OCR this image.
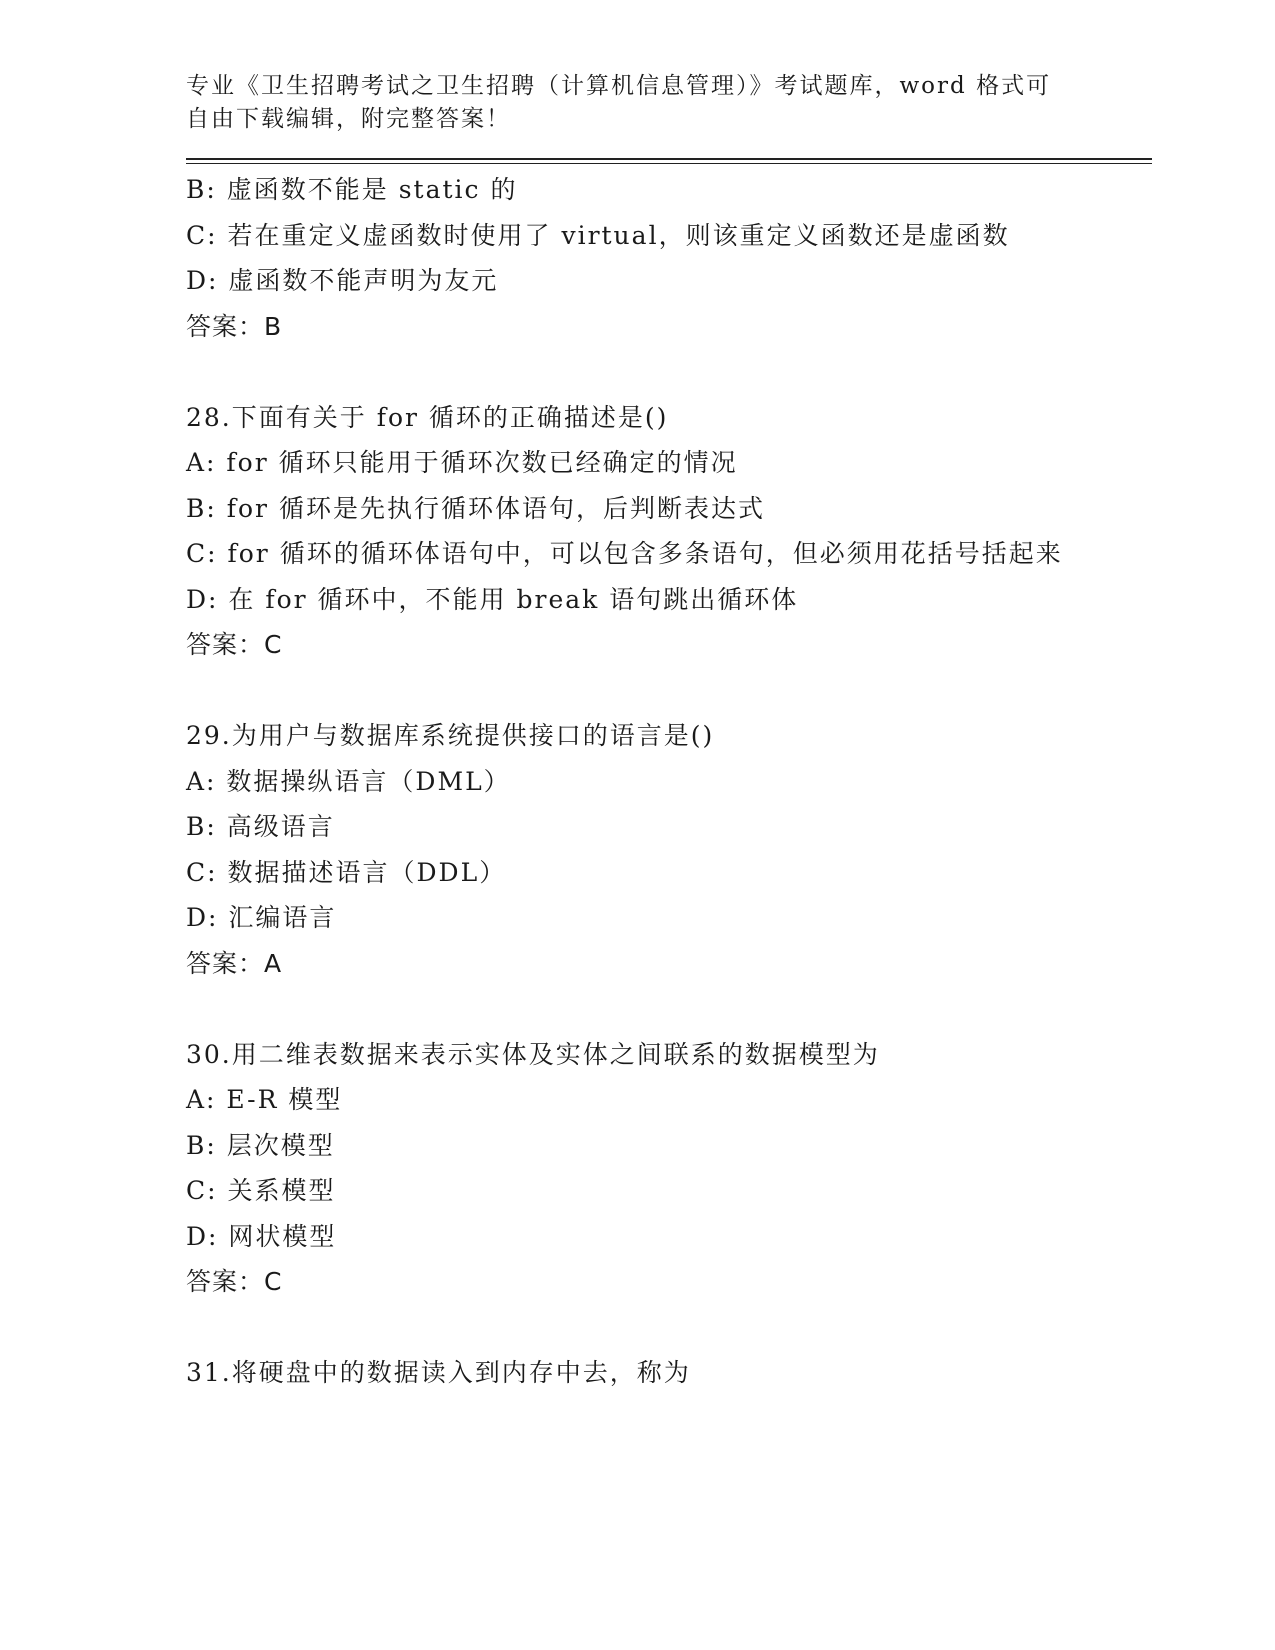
专业《卫生招聘考试之卫生招聘（计算机信息管理）》考试题库，word 格式可自由下载编辑，附完整答案！

B: 虚函数不能是 static 的

C: 若在重定义虚函数时使用了 virtual，则该重定义函数还是虚函数

D: 虚函数不能声明为友元

答案：B

28.下面有关于 for 循环的正确描述是()

A: for 循环只能用于循环次数已经确定的情况

B: for 循环是先执行循环体语句，后判断表达式

C: for 循环的循环体语句中，可以包含多条语句，但必须用花括号括起来

D: 在 for 循环中，不能用 break 语句跳出循环体

答案：C

29.为用户与数据库系统提供接口的语言是()

A: 数据操纵语言（DML）

B: 高级语言

C: 数据描述语言（DDL）

D: 汇编语言

答案：A

30.用二维表数据来表示实体及实体之间联系的数据模型为

A: E-R 模型

B: 层次模型

C: 关系模型

D: 网状模型

答案：C

31.将硬盘中的数据读入到内存中去，称为
